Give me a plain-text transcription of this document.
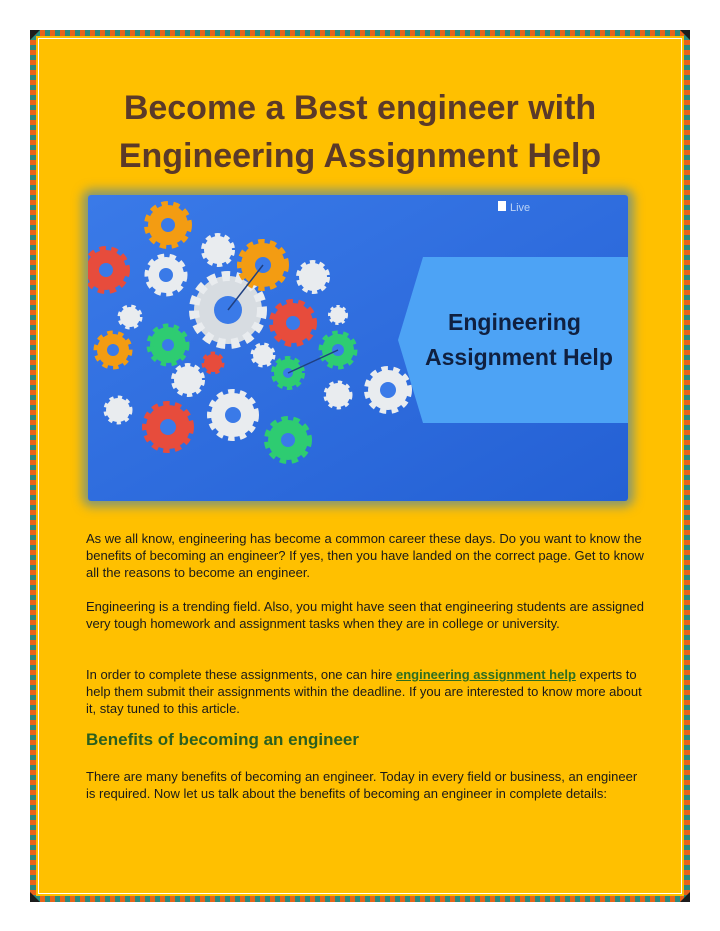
Become a Best engineer with
Engineering Assignment Help
Engineering
Assignment Help
Live

As we all know, engineering has become a common career these days. Do you want to know the benefits of becoming an engineer? If yes, then you have landed on the correct page. Get to know all the reasons to become an engineer.

Engineering is a trending field. Also, you might have seen that engineering students are assigned very tough homework and assignment tasks when they are in college or university.

In order to complete these assignments, one can hire engineering assignment help experts to help them submit their assignments within the deadline. If you are interested to know more about it, stay tuned to this article.

Benefits of becoming an engineer

There are many benefits of becoming an engineer. Today in every field or business, an engineer is required. Now let us talk about the benefits of becoming an engineer in complete details:
